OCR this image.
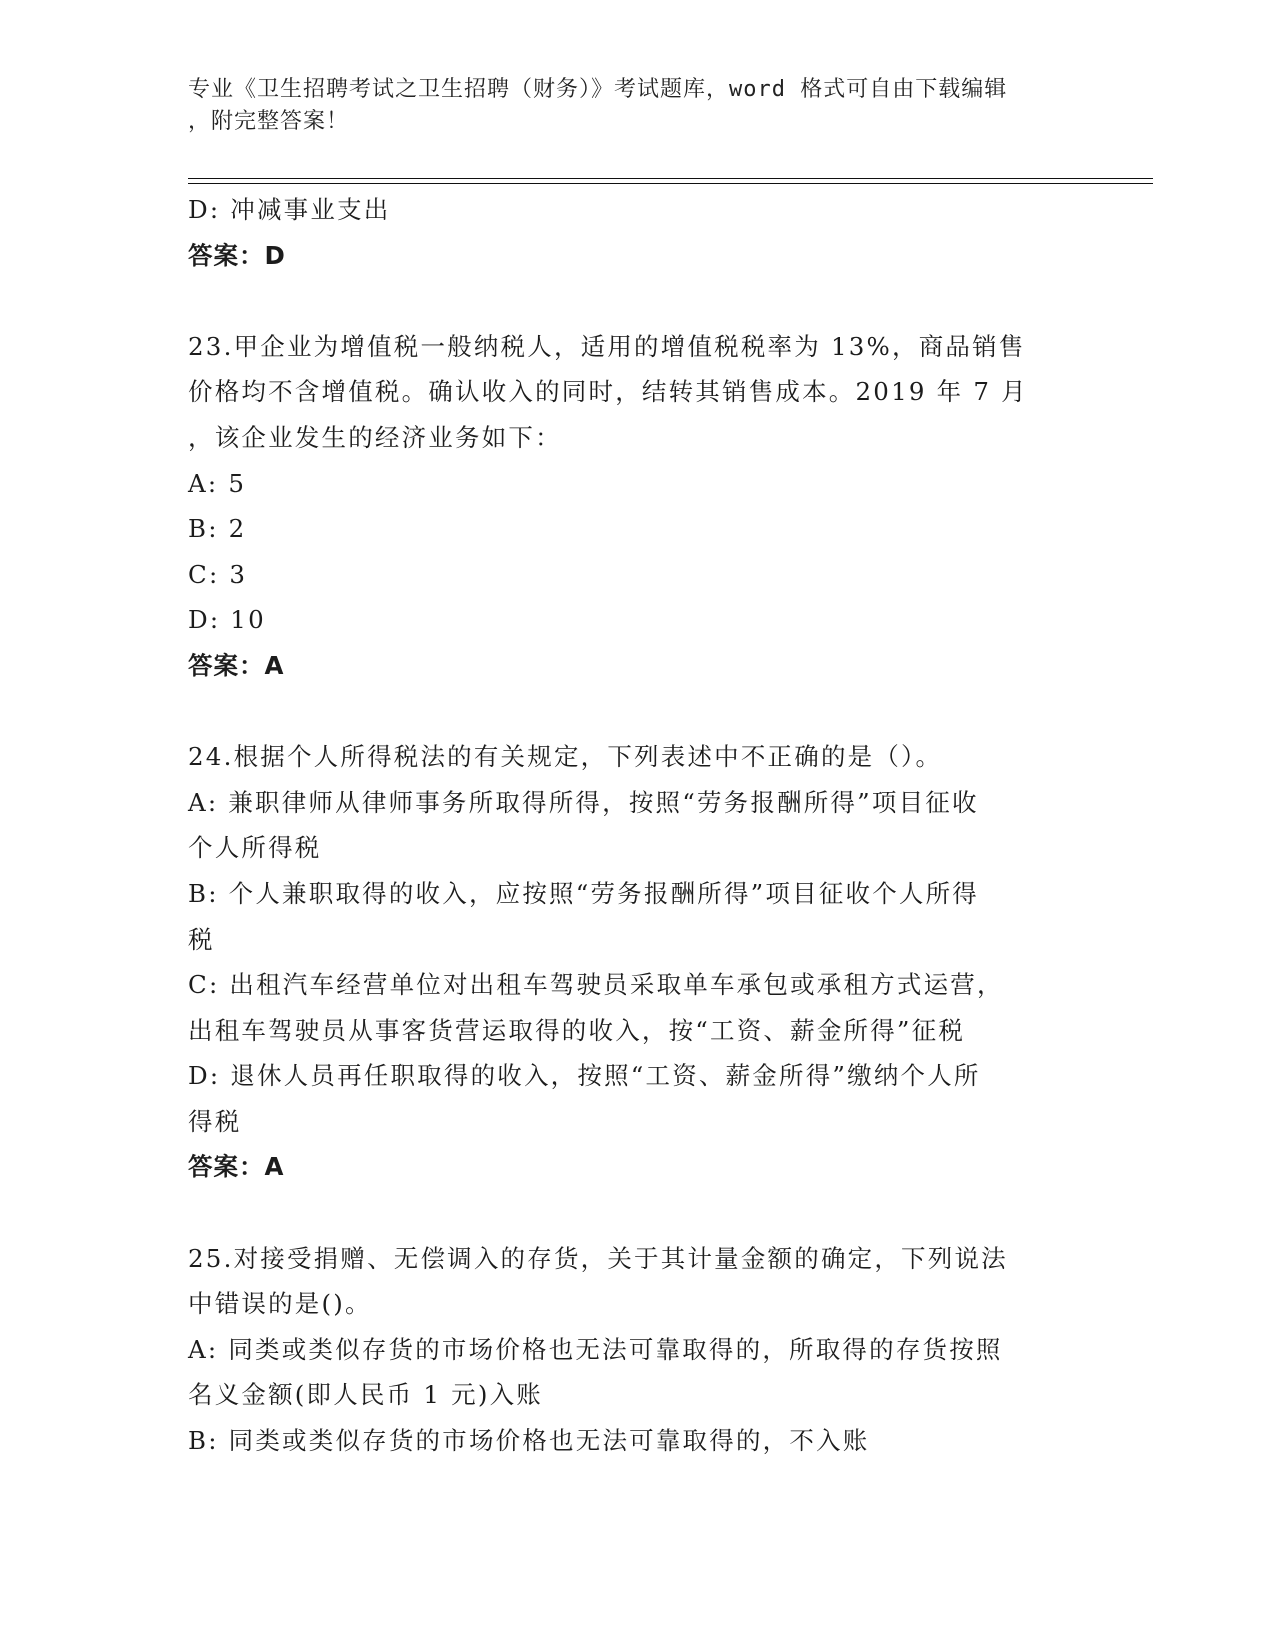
专业《卫生招聘考试之卫生招聘（财务）》考试题库，word 格式可自由下载编辑
，附完整答案！
D: 冲减事业支出
答案：D
23.甲企业为增值税一般纳税人，适用的增值税税率为 13%，商品销售
价格均不含增值税。确认收入的同时，结转其销售成本。2019 年 7 月
，该企业发生的经济业务如下：
A: 5
B: 2
C: 3
D: 10
答案：A
24.根据个人所得税法的有关规定，下列表述中不正确的是（）。
A: 兼职律师从律师事务所取得所得，按照“劳务报酬所得”项目征收
个人所得税
B: 个人兼职取得的收入，应按照“劳务报酬所得”项目征收个人所得
税
C: 出租汽车经营单位对出租车驾驶员采取单车承包或承租方式运营，
出租车驾驶员从事客货营运取得的收入，按“工资、薪金所得”征税
D: 退休人员再任职取得的收入，按照“工资、薪金所得”缴纳个人所
得税
答案：A
25.对接受捐赠、无偿调入的存货，关于其计量金额的确定，下列说法
中错误的是()。
A: 同类或类似存货的市场价格也无法可靠取得的，所取得的存货按照
名义金额(即人民币 1 元)入账
B: 同类或类似存货的市场价格也无法可靠取得的，不入账
